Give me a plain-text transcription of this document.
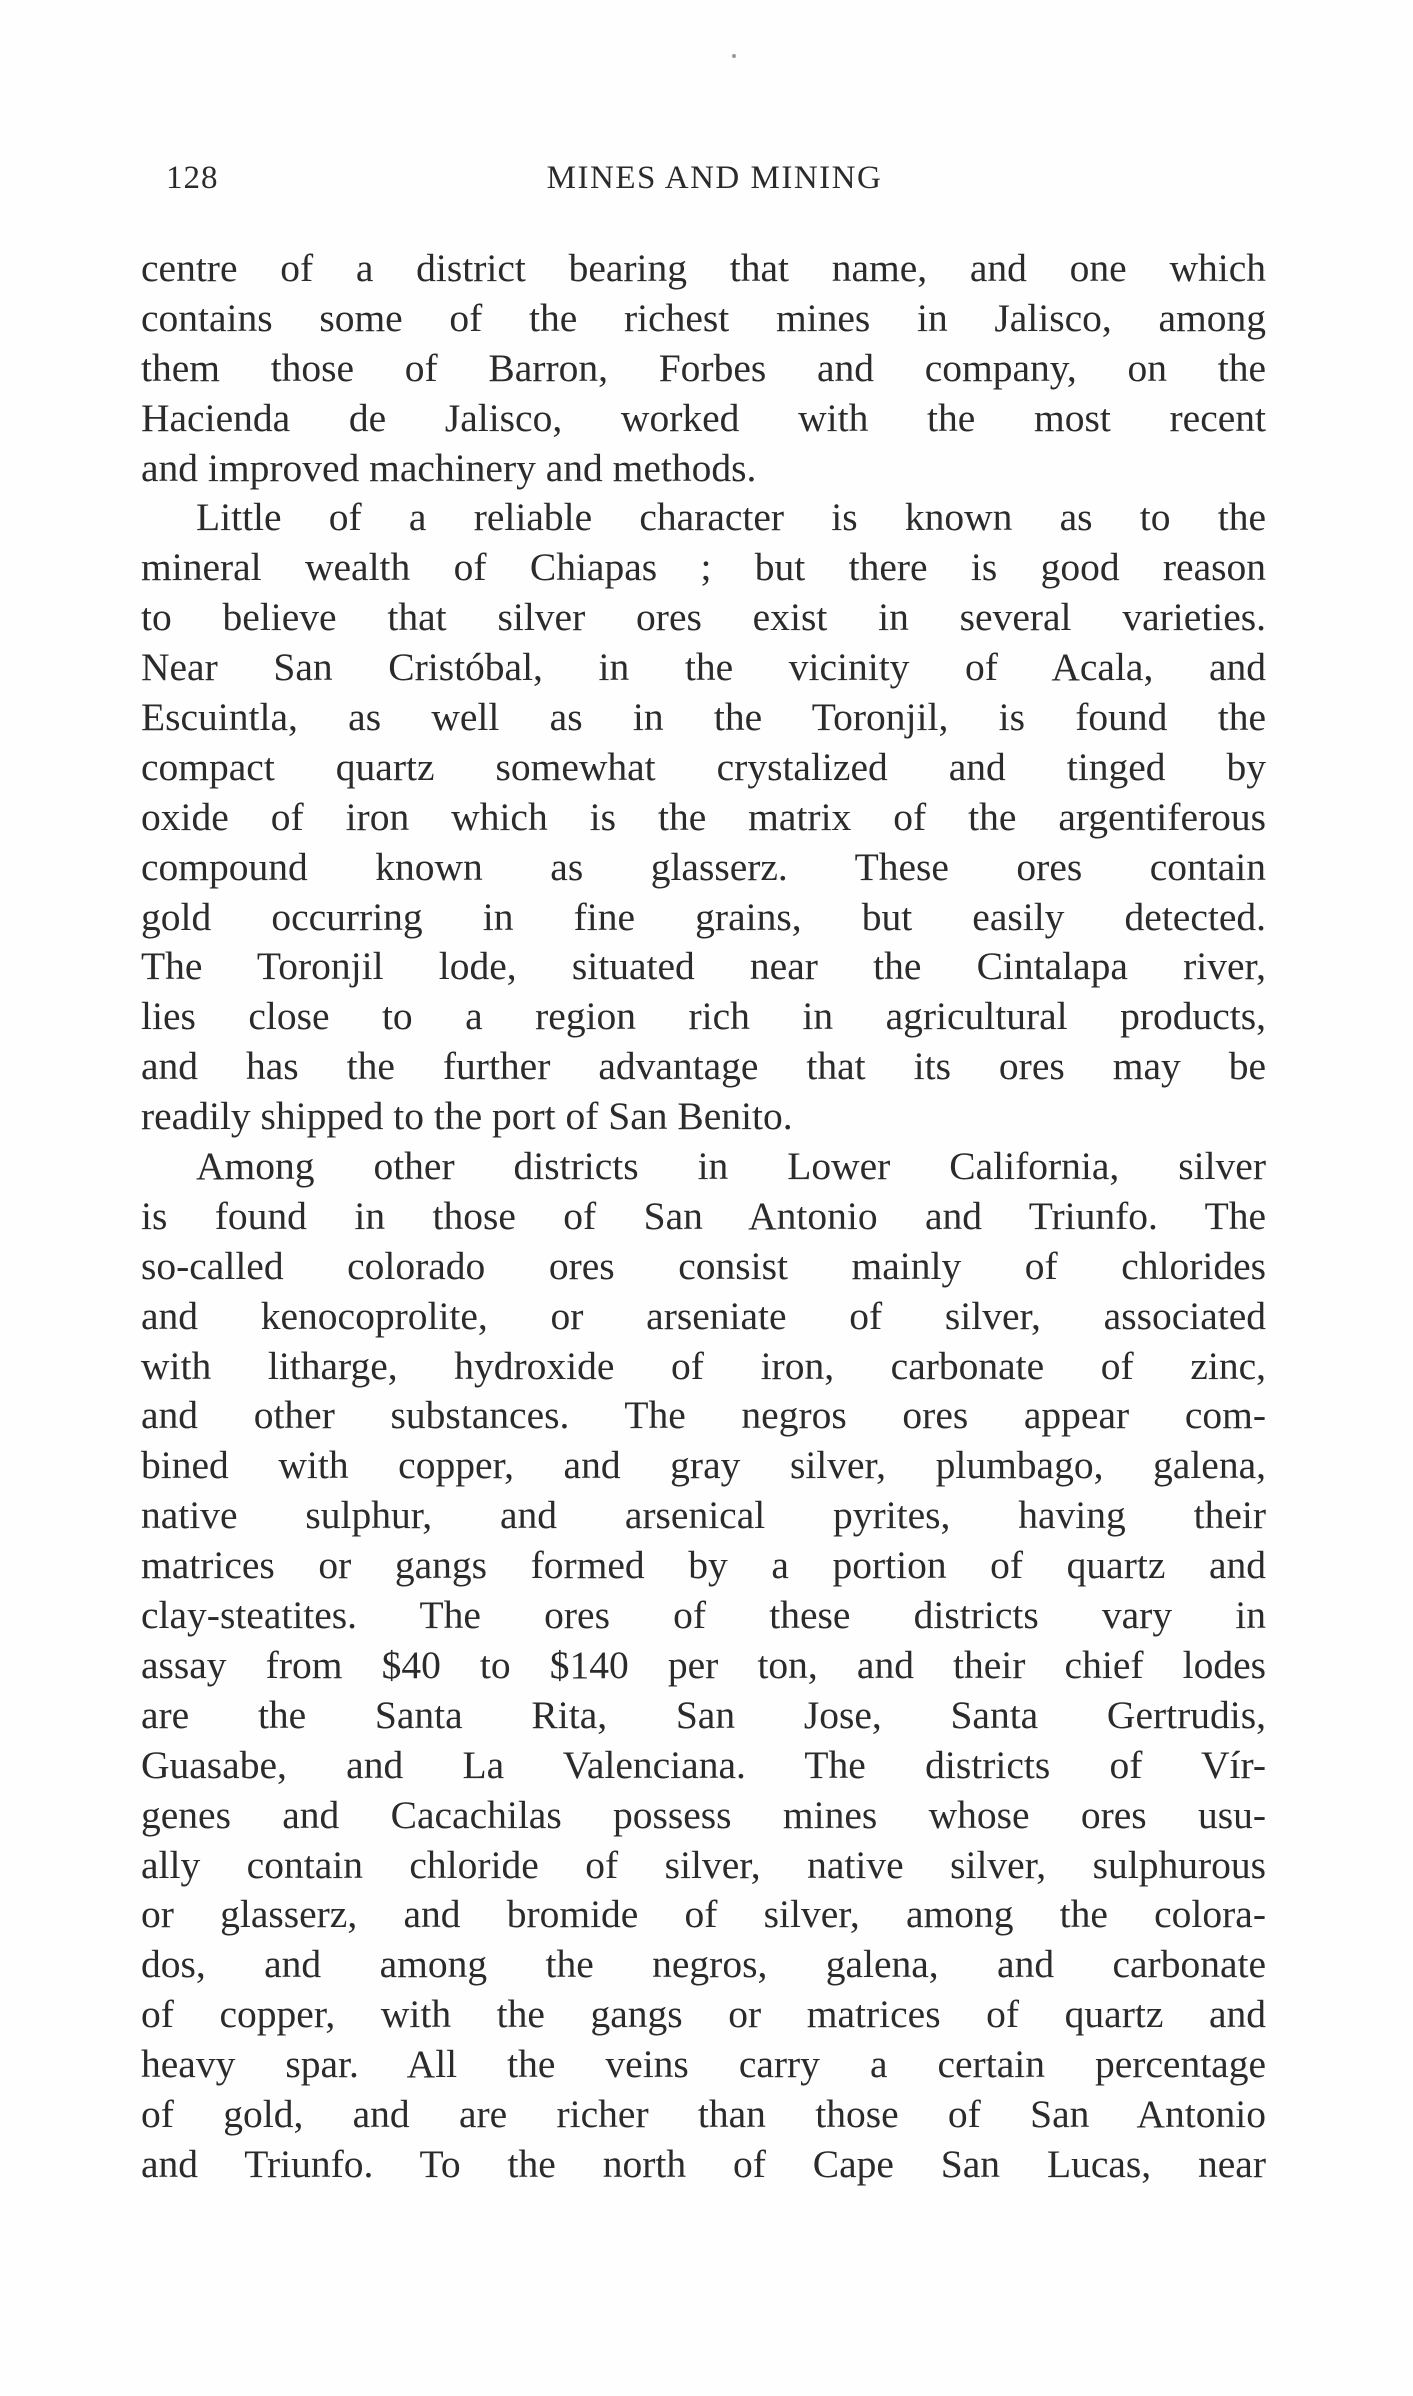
128	MINES AND MINING
centre of a district bearing that name, and one which
contains some of the richest mines in Jalisco, among
them those of Barron, Forbes and company, on the
Hacienda de Jalisco, worked with the most recent
and improved machinery and methods.
Little of a reliable character is known as to the
mineral wealth of Chiapas ; but there is good reason
to believe that silver ores exist in several varieties.
Near San Cristóbal, in the vicinity of Acala, and
Escuintla, as well as in the Toronjil, is found the
compact quartz somewhat crystalized and tinged by
oxide of iron which is the matrix of the argentiferous
compound known as glasserz. These ores contain
gold occurring in fine grains, but easily detected.
The Toronjil lode, situated near the Cintalapa river,
lies close to a region rich in agricultural products,
and has the further advantage that its ores may be
readily shipped to the port of San Benito.
Among other districts in Lower California, silver
is found in those of San Antonio and Triunfo. The
so-called colorado ores consist mainly of chlorides
and kenocoprolite, or arseniate of silver, associated
with litharge, hydroxide of iron, carbonate of zinc,
and other substances. The negros ores appear com-
bined with copper, and gray silver, plumbago, galena,
native sulphur, and arsenical pyrites, having their
matrices or gangs formed by a portion of quartz and
clay-steatites. The ores of these districts vary in
assay from $40 to $140 per ton, and their chief lodes
are the Santa Rita, San Jose, Santa Gertrudis,
Guasabe, and La Valenciana. The districts of Vír-
genes and Cacachilas possess mines whose ores usu-
ally contain chloride of silver, native silver, sulphurous
or glasserz, and bromide of silver, among the colora-
dos, and among the negros, galena, and carbonate
of copper, with the gangs or matrices of quartz and
heavy spar. All the veins carry a certain percentage
of gold, and are richer than those of San Antonio
and Triunfo. To the north of Cape San Lucas, near
